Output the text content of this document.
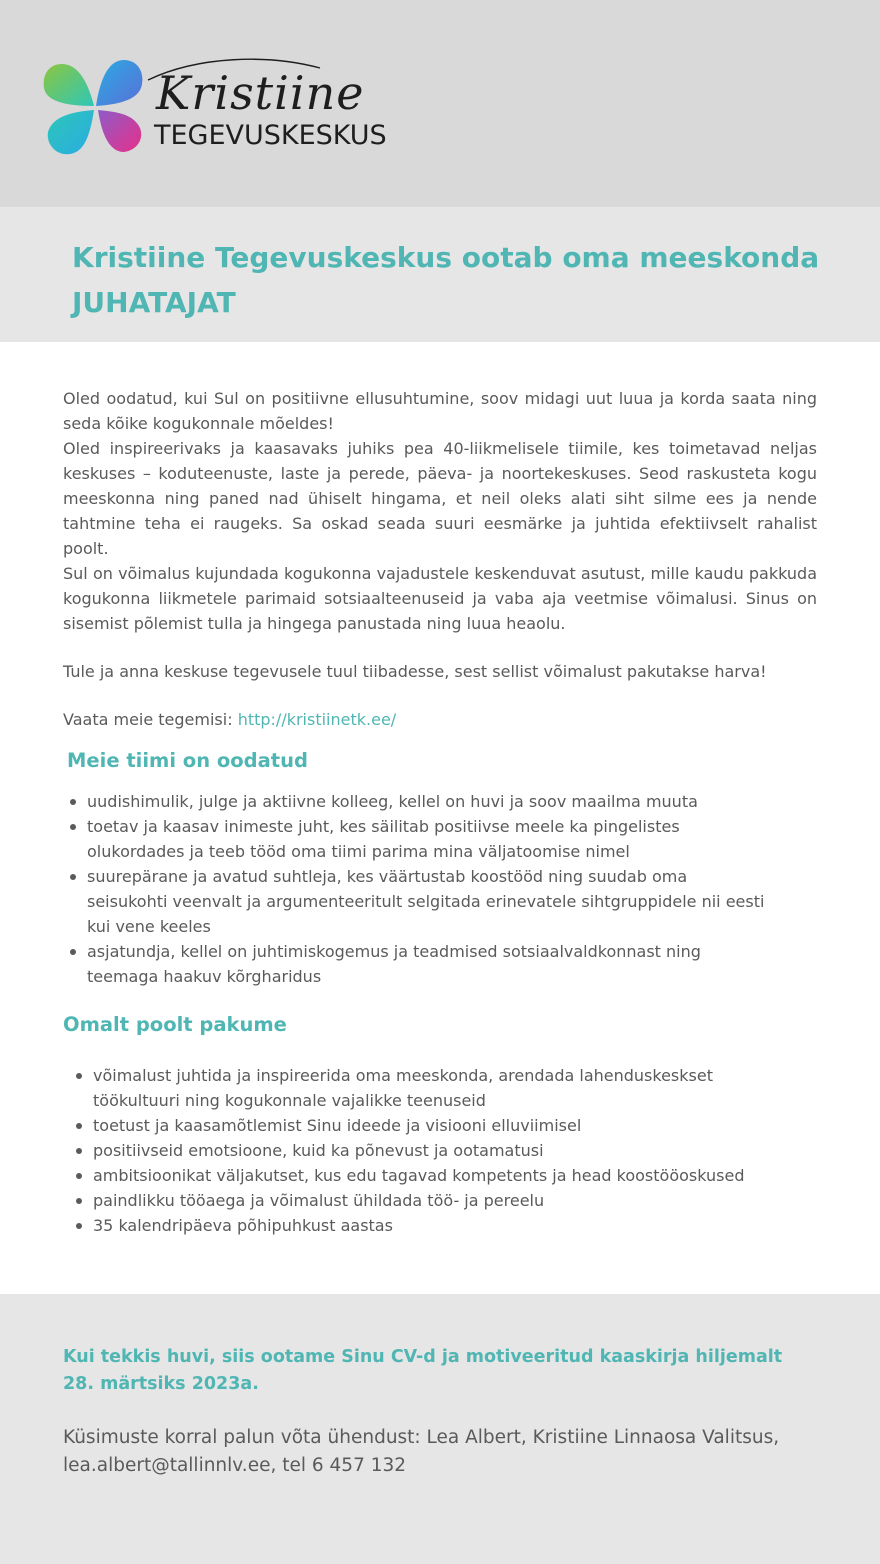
Kristiine
TEGEVUSKESKUS
Kristiine Tegevuskeskus ootab oma meeskonda
JUHATAJAT

Oled oodatud, kui Sul on positiivne ellusuhtumine, soov midagi uut luua ja korda saata ning seda kõike kogukonnale mõeldes!

Oled inspireerivaks ja kaasavaks juhiks pea 40-liikmelisele tiimile, kes toimetavad neljas keskuses – koduteenuste, laste ja perede, päeva- ja noortekeskuses. Seod raskusteta kogu meeskonna ning paned nad ühiselt hingama, et neil oleks alati siht silme ees ja nende tahtmine teha ei raugeks. Sa oskad seada suuri eesmärke ja juhtida efektiivselt rahalist poolt.

Sul on võimalus kujundada kogukonna vajadustele keskenduvat asutust, mille kaudu pakkuda kogukonna liikmetele parimaid sotsiaalteenuseid ja vaba aja veetmise võimalusi. Sinus on sisemist põlemist tulla ja hingega panustada ning luua heaolu.

Tule ja anna keskuse tegevusele tuul tiibadesse, sest sellist võimalust pakutakse harva!

Vaata meie tegemisi: http://kristiinetk.ee/

Meie tiimi on oodatud
uudishimulik, julge ja aktiivne kolleeg, kellel on huvi ja soov maailma muuta
toetav ja kaasav inimeste juht, kes säilitab positiivse meele ka pingelistes
olukordades ja teeb tööd oma tiimi parima mina väljatoomise nimel
suurepärane ja avatud suhtleja, kes väärtustab koostööd ning suudab oma
seisukohti veenvalt ja argumenteeritult selgitada erinevatele sihtgruppidele nii eesti
kui vene keeles
asjatundja, kellel on juhtimiskogemus ja teadmised sotsiaalvaldkonnast ning
teemaga haakuv kõrgharidus
Omalt poolt pakume
võimalust juhtida ja inspireerida oma meeskonda, arendada lahenduskeskset
töökultuuri ning kogukonnale vajalikke teenuseid
toetust ja kaasamõtlemist Sinu ideede ja visiooni elluviimisel
positiivseid emotsioone, kuid ka põnevust ja ootamatusi
ambitsioonikat väljakutset, kus edu tagavad kompetents ja head koostööoskused
paindlikku tööaega ja võimalust ühildada töö- ja pereelu
35 kalendripäeva põhipuhkust aastas

Kui tekkis huvi, siis ootame Sinu CV-d ja motiveeritud kaaskirja hiljemalt
28. märtsiks 2023a.

Küsimuste korral palun võta ühendust: Lea Albert, Kristiine Linnaosa Valitsus,
lea.albert@tallinnlv.ee, tel 6 457 132
